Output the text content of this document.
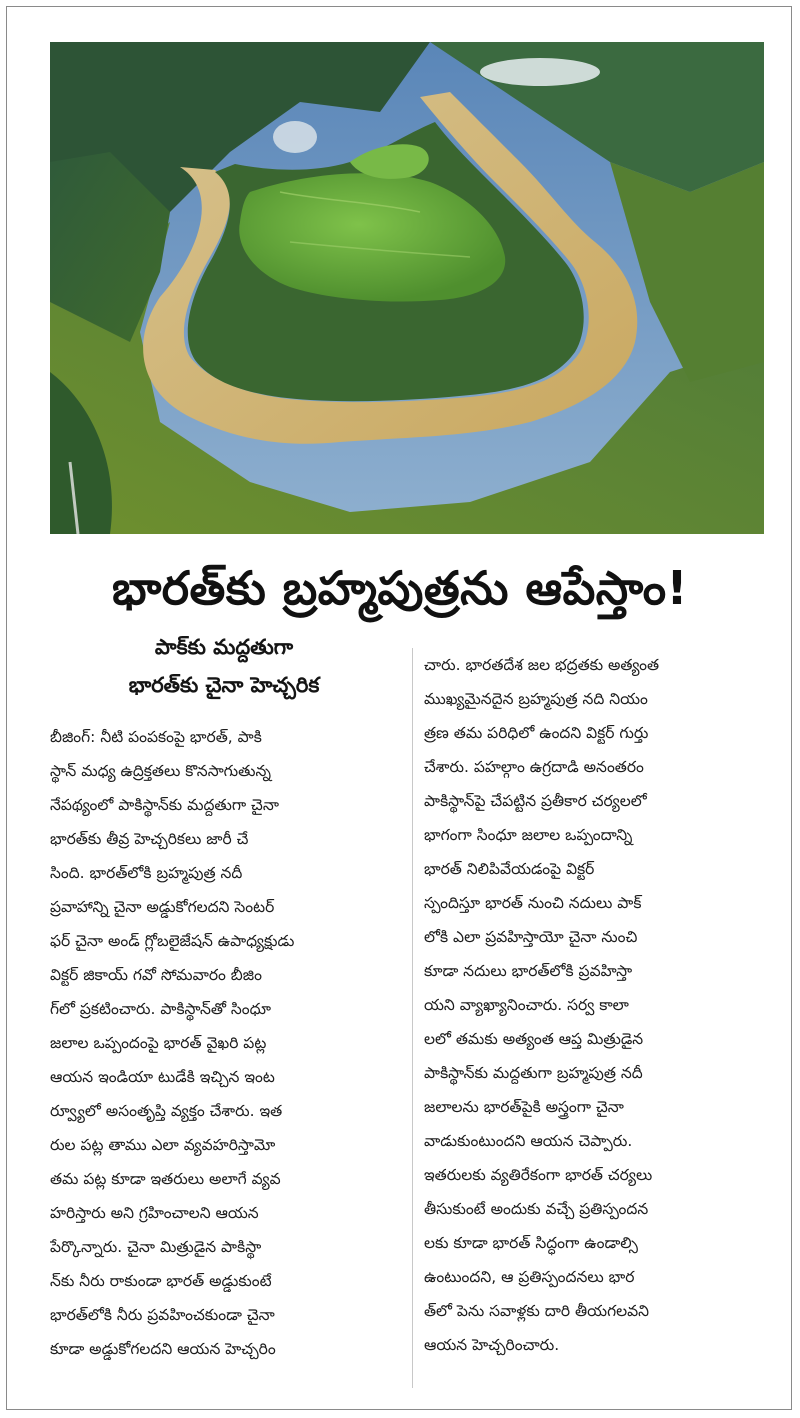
భారత్‌కు బ్రహ్మపుత్రను ఆపేస్తాం!
పాక్‌కు మద్దతుగా
భారత్‌కు చైనా హెచ్చరిక
బీజింగ్: నీటి పంపకంపై భారత్, పాకి
స్థాన్ మధ్య ఉద్రిక్తతలు కొనసాగుతున్న
నేపథ్యంలో పాకిస్థాన్‌కు మద్దతుగా చైనా
భారత్‌కు తీవ్ర హెచ్చరికలు జారీ చే
సింది. భారత్‌లోకి బ్రహ్మపుత్ర నదీ
ప్రవాహాన్ని చైనా అడ్డుకోగలదని సెంటర్
ఫర్ చైనా అండ్ గ్లోబలైజేషన్ ఉపాధ్యక్షుడు
విక్టర్ జికాయ్ గవో సోమవారం బీజిం
గ్‌లో ప్రకటించారు. పాకిస్థాన్‌తో సింధూ
జలాల ఒప్పందంపై భారత్ వైఖరి పట్ల
ఆయన ఇండియా టుడేకి ఇచ్చిన ఇంట
ర్వ్యూలో అసంతృప్తి వ్యక్తం చేశారు. ఇత
రుల పట్ల తాము ఎలా వ్యవహరిస్తామో
తమ పట్ల కూడా ఇతరులు అలాగే వ్యవ
హరిస్తారు అని గ్రహించాలని ఆయన
పేర్కొన్నారు. చైనా మిత్రుడైన పాకిస్థా
న్‌కు నీరు రాకుండా భారత్ అడ్డుకుంటే
భారత్‌లోకి నీరు ప్రవహించకుండా చైనా
కూడా అడ్డుకోగలదని ఆయన హెచ్చరిం
చారు. భారతదేశ జల భద్రతకు అత్యంత
ముఖ్యమైనదైన బ్రహ్మపుత్ర నది నియం
త్రణ తమ పరిధిలో ఉందని విక్టర్ గుర్తు
చేశారు. పహల్గాం ఉగ్రదాడి అనంతరం
పాకిస్థాన్‌పై చేపట్టిన ప్రతీకార చర్యలలో
భాగంగా సింధూ జలాల ఒప్పందాన్ని
భారత్ నిలిపివేయడంపై విక్టర్
స్పందిస్తూ భారత్ నుంచి నదులు పాక్
లోకి ఎలా ప్రవహిస్తాయో చైనా నుంచి
కూడా నదులు భారత్‌లోకి ప్రవహిస్తా
యని వ్యాఖ్యానించారు. సర్వ కాలా
లలో తమకు అత్యంత ఆప్త మిత్రుడైన
పాకిస్థాన్‌కు మద్దతుగా బ్రహ్మపుత్ర నదీ
జలాలను భారత్‌పైకి అస్త్రంగా చైనా
వాడుకుంటుందని ఆయన చెప్పారు.
ఇతరులకు వ్యతిరేకంగా భారత్ చర్యలు
తీసుకుంటే అందుకు వచ్చే ప్రతిస్పందన
లకు కూడా భారత్ సిద్ధంగా ఉండాల్సి
ఉంటుందని, ఆ ప్రతిస్పందనలు భార
త్‌లో పెను సవాళ్లకు దారి తీయగలవని
ఆయన హెచ్చరించారు.
